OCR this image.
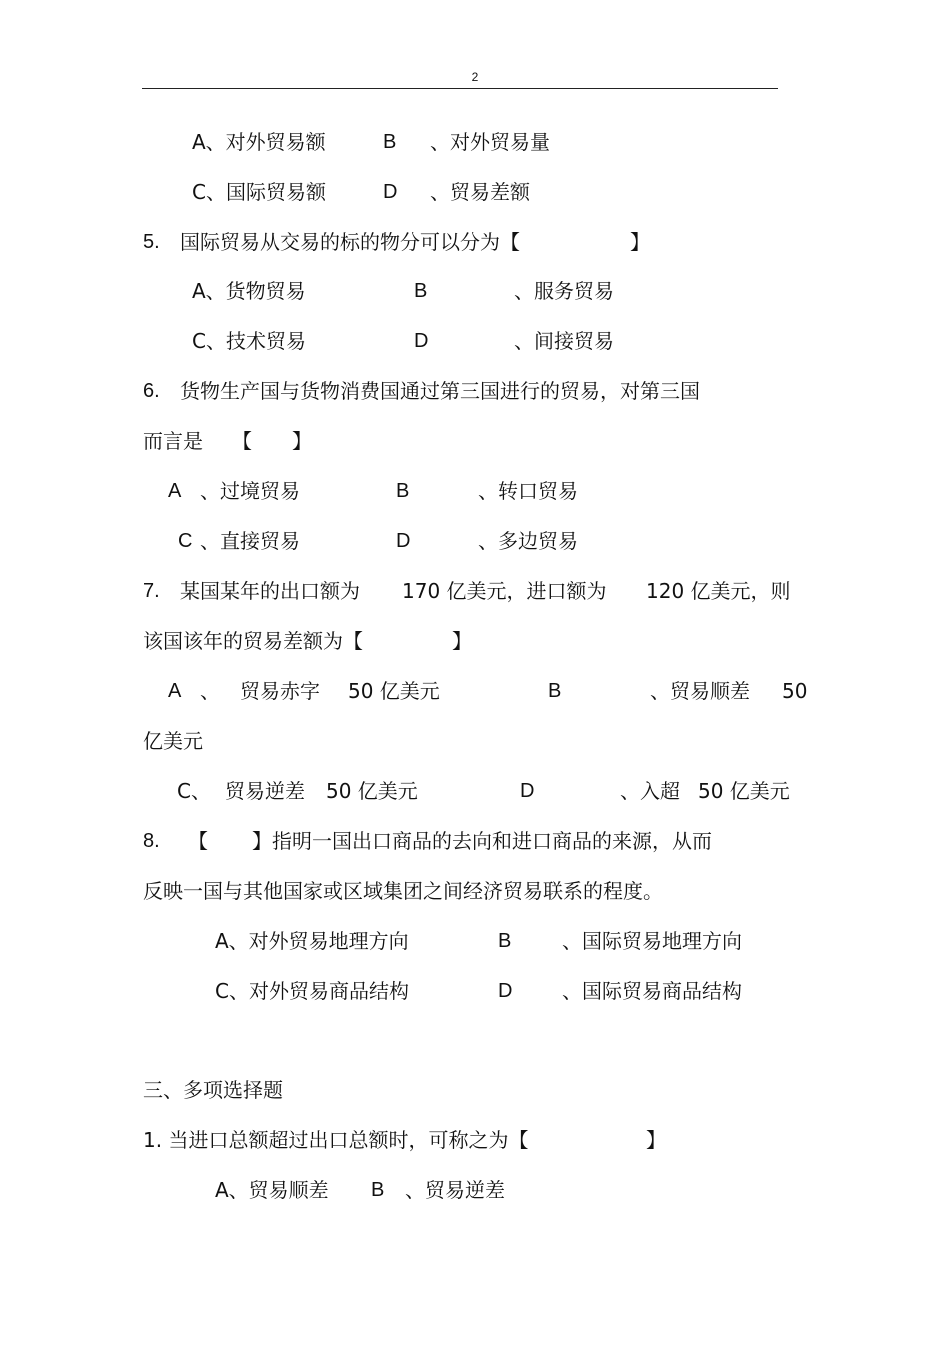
2
A、对外贸易额	B 、对外贸易量
C、国际贸易额	D 、贸易差额
5. 国际贸易从交易的标的物分可以分为【	】
A、货物贸易	B	、服务贸易
C、技术贸易	D	、间接贸易
6. 货物生产国与货物消费国通过第三国进行的贸易，对第三国
而言是 【 】
A 、过境贸易	B	、转口贸易
C 、直接贸易	D	、多边贸易
7. 某国某年的出口额为 170 亿美元，进口额为 120 亿美元，则
该国该年的贸易差额为【	】
A 、 贸易赤字 50 亿美元	B	、贸易顺差 50
亿美元
C、 贸易逆差 50 亿美元	D	、入超 50 亿美元
8. 【 】指明一国出口商品的去向和进口商品的来源，从而
反映一国与其他国家或区域集团之间经济贸易联系的程度。
A、对外贸易地理方向	B	、国际贸易地理方向
C、对外贸易商品结构	D 、国际贸易商品结构
三、多项选择题
1. 当进口总额超过出口总额时，可称之为【	】
A、贸易顺差 B 、贸易逆差
